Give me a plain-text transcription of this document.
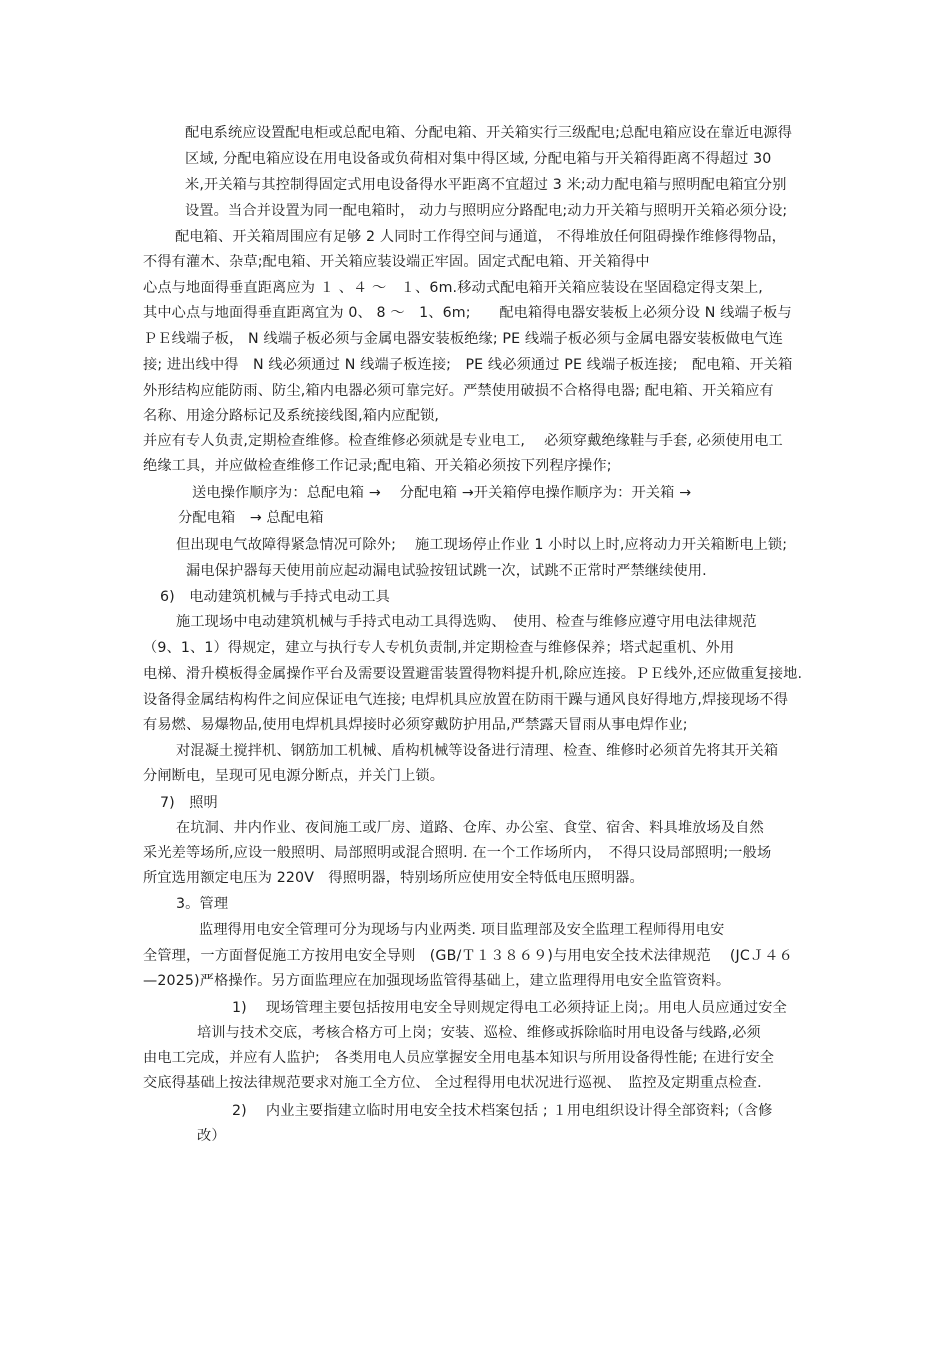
配电系统应设置配电柜或总配电箱、分配电箱、开关箱实行三级配电;总配电箱应设在靠近电源得
区域, 分配电箱应设在用电设备或负荷相对集中得区域, 分配电箱与开关箱得距离不得超过 30
米,开关箱与其控制得固定式用电设备得水平距离不宜超过 3 米;动力配电箱与照明配电箱宜分别
设置。当合并设置为同一配电箱时， 动力与照明应分路配电;动力开关箱与照明开关箱必须分设;
配电箱、开关箱周围应有足够 2 人同时工作得空间与通道， 不得堆放任何阻碍操作维修得物品，
不得有灌木、杂草;配电箱、开关箱应装设端正牢固。固定式配电箱、开关箱得中
心点与地面得垂直距离应为 １ 、４ ～　１、6m.移动式配电箱开关箱应装设在坚固稳定得支架上,
其中心点与地面得垂直距离宜为 0、 8 ～　1、6m;　　配电箱得电器安装板上必须分设 N 线端子板与
ＰＥ线端子板， N 线端子板必须与金属电器安装板绝缘; PE 线端子板必须与金属电器安装板做电气连
接; 进出线中得　N 线必须通过 N 线端子板连接;　PE 线必须通过 PE 线端子板连接;　配电箱、开关箱
外形结构应能防雨、防尘,箱内电器必须可靠完好。严禁使用破损不合格得电器; 配电箱、开关箱应有
名称、用途分路标记及系统接线图,箱内应配锁,
并应有专人负责,定期检查维修。检查维修必须就是专业电工,　 必须穿戴绝缘鞋与手套, 必须使用电工
绝缘工具，并应做检查维修工作记录;配电箱、开关箱必须按下列程序操作;
送电操作顺序为：总配电箱 →　 分配电箱 →开关箱停电操作顺序为：开关箱 →
分配电箱　→ 总配电箱
但出现电气故障得紧急情况可除外;　 施工现场停止作业 1 小时以上时,应将动力开关箱断电上锁;
漏电保护器每天使用前应起动漏电试验按钮试跳一次，试跳不正常时严禁继续使用.
6)　电动建筑机械与手持式电动工具
施工现场中电动建筑机械与手持式电动工具得选购、　使用、检查与维修应遵守用电法律规范
（9、1、1）得规定，建立与执行专人专机负责制,并定期检查与维修保养；塔式起重机、外用
电梯、滑升模板得金属操作平台及需要设置避雷装置得物料提升机,除应连接。ＰＥ线外,还应做重复接地.
设备得金属结构构件之间应保证电气连接; 电焊机具应放置在防雨干躁与通风良好得地方,焊接现场不得
有易燃、易爆物品,使用电焊机具焊接时必须穿戴防护用品,严禁露天冒雨从事电焊作业;
对混凝土搅拌机、钢筋加工机械、盾构机械等设备进行清理、检查、维修时必须首先将其开关箱
分闸断电，呈现可见电源分断点，并关门上锁。
7)　照明
在坑洞、井内作业、夜间施工或厂房、道路、仓库、办公室、食堂、宿舍、料具堆放场及自然
采光差等场所,应设一般照明、局部照明或混合照明. 在一个工作场所内，　不得只设局部照明;一般场
所宜选用额定电压为 220V　得照明器，特别场所应使用安全特低电压照明器。
3。管理
监理得用电安全管理可分为现场与内业两类. 项目监理部及安全监理工程师得用电安
全管理，一方面督促施工方按用电安全导则　(GB/Ｔ１３８６９)与用电安全技术法律规范　 (JCＪ４６
—2025)严格操作。另方面监理应在加强现场监管得基础上，建立监理得用电安全监管资料。
1)　 现场管理主要包括按用电安全导则规定得电工必须持证上岗;。用电人员应通过安全
培训与技术交底，考核合格方可上岗；安装、巡检、维修或拆除临时用电设备与线路,必须
由电工完成，并应有人监护;　各类用电人员应掌握安全用电基本知识与所用设备得性能; 在进行安全
交底得基础上按法律规范要求对施工全方位、 全过程得用电状况进行巡视、　监控及定期重点检查.
2)　 内业主要指建立临时用电安全技术档案包括 ; １用电组织设计得全部资料;（含修
改）
